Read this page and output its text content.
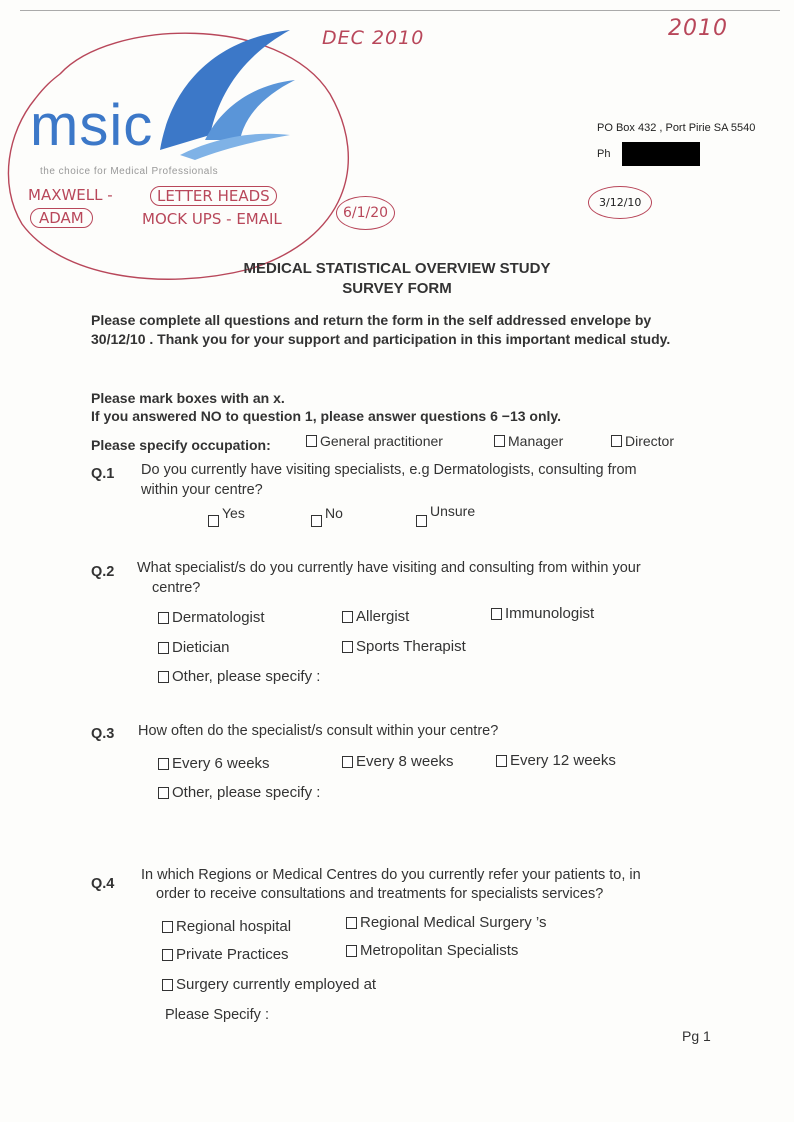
DEC 2010	2010
msic
the choice for Medical Professionals
MAXWELL -	LETTER HEADS
ADAM	MOCK UPS - EMAIL	6/1/20
PO Box 432 , Port Pirie SA 5540
Ph
3/12/10
MEDICAL STATISTICAL OVERVIEW STUDY
SURVEY FORM
Please complete all questions and return the form in the self addressed envelope by
30/12/10 . Thank you for your support and participation in this important medical study.
Please mark boxes with an x.
If you answered NO to question 1, please answer questions 6 −13 only.
Please specify occupation:	General practitioner	Manager	Director
Q.1 Do you currently have visiting specialists, e.g Dermatologists, consulting from
within your centre?
Yes	No	Unsure
Q.2 What specialist/s do you currently have visiting and consulting from within your
centre?
Dermatologist	Allergist	Immunologist
Dietician	Sports Therapist
Other, please specify :
Q.3 How often do the specialist/s consult within your centre?
Every 6 weeks	Every 8 weeks	Every 12 weeks
Other, please specify :
Q.4
In which Regions or Medical Centres do you currently refer your patients to, in
order to receive consultations and treatments for specialists services?
Regional hospital	Regional Medical Surgery ’s
Private Practices	Metropolitan Specialists
Surgery currently employed at
Please Specify :
Pg 1
